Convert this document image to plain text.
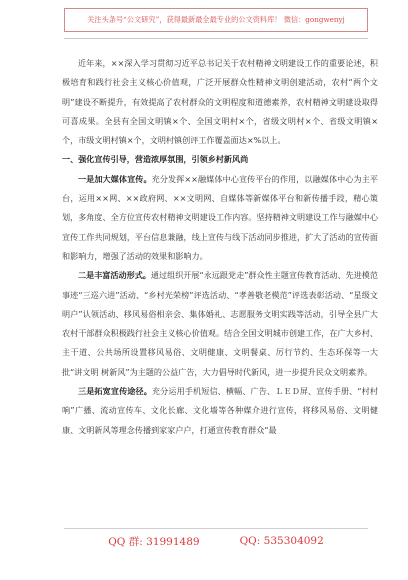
关注头条号“公文研究”，获得最新最全最专业的公文资料库！ 微信：gongwenyj

近年来，××深入学习贯彻习近平总书记关于农村精神文明建设工作的重要论述，积极培育和践行社会主义核心价值观，广泛开展群众性精神文明创建活动，农村“两个文明”建设不断提升，有效提高了农村群众的文明程度和道德素养，农村精神文明建设取得可喜成果。全县有全国文明镇×个、全国文明村×个，省级文明村×个、省级文明镇×个，市级文明村镇×个，文明村镇创评工作覆盖面达×%以上。

一、强化宣传引导，营造浓厚氛围，引领乡村新风尚

一是加大媒体宣传。充分发挥××融媒体中心宣传平台的作用，以融媒体中心为主平台，运用××网、××政府网、××文明网、自媒体等新媒体平台和新传播手段，精心策划，多角度、全方位宣传农村精神文明建设工作内容。坚持精神文明建设工作与融媒中心宣传工作共同规划，平台信息兼融，线上宣传与线下活动同步推进，扩大了活动的宣传面和影响力，增强了活动的效果和影响力。

二是丰富活动形式。通过组织开展“永远跟党走”群众性主题宣传教育活动、先进模范事迹“三巡六进”活动、“乡村光荣榜”评选活动、“孝善敬老模范”评选表彰活动、“星级文明户”认领活动、移风易俗相亲会、集体婚礼、志愿服务文明实践等活动，引导全县广大农村干部群众积极践行社会主义核心价值观。结合全国文明城市创建工作，在广大乡村、主干道、公共场所设置移风易俗、文明健康、文明餐桌、厉行节约、生态环保等一大批“讲文明 树新风”为主题的公益广告，大力倡导时代新风，进一步提升民众文明素养。

三是拓宽宣传途径。充分运用手机短信、横幅、广告、ＬＥＤ屏、宣传手册、“村村响”广播、流动宣传车、文化长廊、文化墙等各种媒介进行宣传，将移风易俗、文明健康、文明新风等理念传播到家家户户，打通宣传教育群众“最

QQ 群: 31991489	QQ: 535304092
